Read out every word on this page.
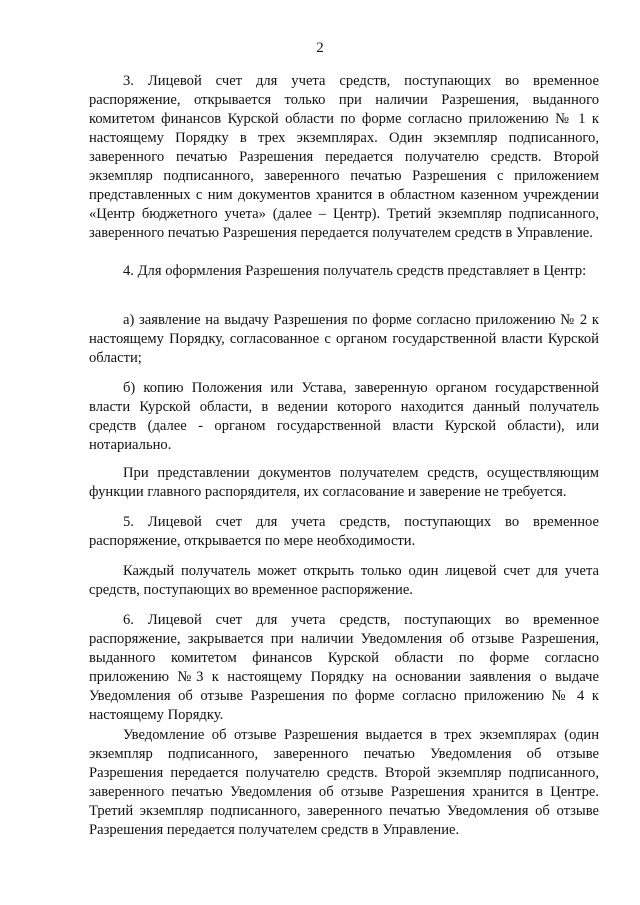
2

3. Лицевой счет для учета средств, поступающих во временное распоряжение, открывается только при наличии Разрешения, выданного комитетом финансов Курской области по форме согласно приложению № 1 к настоящему Порядку в трех экземплярах. Один экземпляр подписанного, заверенного печатью Разрешения передается получателю средств. Второй экземпляр подписанного, заверенного печатью Разрешения с приложением представленных с ним документов хранится в областном казенном учреждении «Центр бюджетного учета» (далее – Центр). Третий экземпляр подписанного, заверенного печатью Разрешения передается получателем средств в Управление.

4. Для оформления Разрешения получатель средств представляет в Центр:

а) заявление на выдачу Разрешения по форме согласно приложению № 2 к настоящему Порядку, согласованное с органом государственной власти Курской области;

б) копию Положения или Устава, заверенную органом государственной власти Курской области, в ведении которого находится данный получатель средств (далее - органом государственной власти Курской области), или нотариально.

При представлении документов получателем средств, осуществляющим функции главного распорядителя, их согласование и заверение не требуется.

5. Лицевой счет для учета средств, поступающих во временное распоряжение, открывается по мере необходимости.

Каждый получатель может открыть только один лицевой счет для учета средств, поступающих во временное распоряжение.

6. Лицевой счет для учета средств, поступающих во временное распоряжение, закрывается при наличии Уведомления об отзыве Разрешения, выданного комитетом финансов Курской области по форме согласно приложению №3 к настоящему Порядку на основании заявления о выдаче Уведомления об отзыве Разрешения по форме согласно приложению № 4 к настоящему Порядку.

Уведомление об отзыве Разрешения выдается в трех экземплярах (один экземпляр подписанного, заверенного печатью Уведомления об отзыве Разрешения передается получателю средств. Второй экземпляр подписанного, заверенного печатью Уведомления об отзыве Разрешения хранится в Центре. Третий экземпляр подписанного, заверенного печатью Уведомления об отзыве Разрешения передается получателем средств в Управление.
